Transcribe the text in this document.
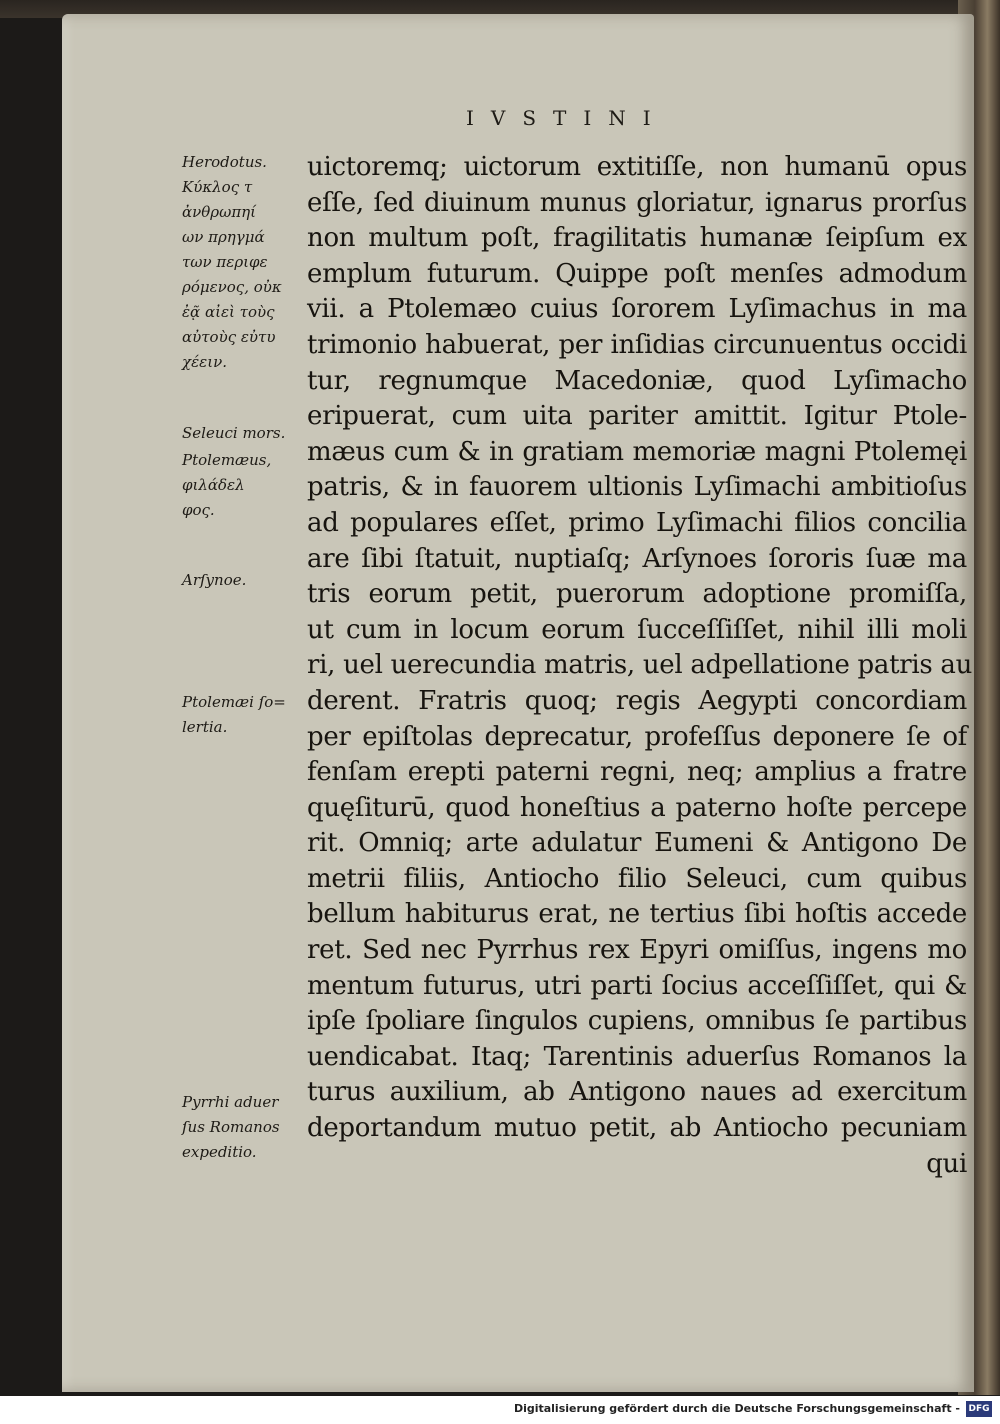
IVSTINI
Herodotus.
Κύκλος τ
ἀνθρωπηί
ων πρηγμά
των περιφε
ρόμενος, οὐκ
ἐᾷ αἰεὶ τοὺς
αὐτοὺς εὐτυ
χέειν.
Seleuci mors.
Ptolemæus,
φιλάδελ
φος.
Arſynoe.
Ptolemæi ſo=
lertia.
Pyrrhi aduer
ſus Romanos
expeditio.
uictoremq; uictorum extitiſſe, non humanū opus
eſſe, ſed diuinum munus gloriatur, ignarus prorſus
non multum poſt, fragilitatis humanæ ſeipſum ex
emplum futurum. Quippe poſt menſes admodum
vii. a Ptolemæo cuius ſororem Lyſimachus in ma
trimonio habuerat, per inſidias circunuentus occidi
tur, regnumque Macedoniæ, quod Lyſimacho
eripuerat, cum uita pariter amittit. Igitur Ptole-
mæus cum & in gratiam memoriæ magni Ptolemęi
patris, & in fauorem ultionis Lyſimachi ambitioſus
ad populares eſſet, primo Lyſimachi filios concilia
are ſibi ſtatuit, nuptiaſq; Arſynoes ſororis ſuæ ma
tris eorum petit, puerorum adoptione promiſſa,
ut cum in locum eorum ſucceſſiſſet, nihil illi moli
ri, uel uerecundia matris, uel adpellatione patris au
derent. Fratris quoq; regis Aegypti concordiam
per epiſtolas deprecatur, profeſſus deponere ſe of
fenſam erepti paterni regni, neq; amplius a fratre
quęſiturū, quod honeſtius a paterno hoſte percepe
rit. Omniq; arte adulatur Eumeni & Antigono De
metrii filiis, Antiocho filio Seleuci, cum quibus
bellum habiturus erat, ne tertius ſibi hoſtis accede
ret. Sed nec Pyrrhus rex Epyri omiſſus, ingens mo
mentum futurus, utri parti ſocius acceſſiſſet, qui &
ipſe ſpoliare ſingulos cupiens, omnibus ſe partibus
uendicabat. Itaq; Tarentinis aduerſus Romanos la
turus auxilium, ab Antigono naues ad exercitum
deportandum mutuo petit, ab Antiocho pecuniam
qui
Digitalisierung gefördert durch die Deutsche Forschungsgemeinschaft - DFG
